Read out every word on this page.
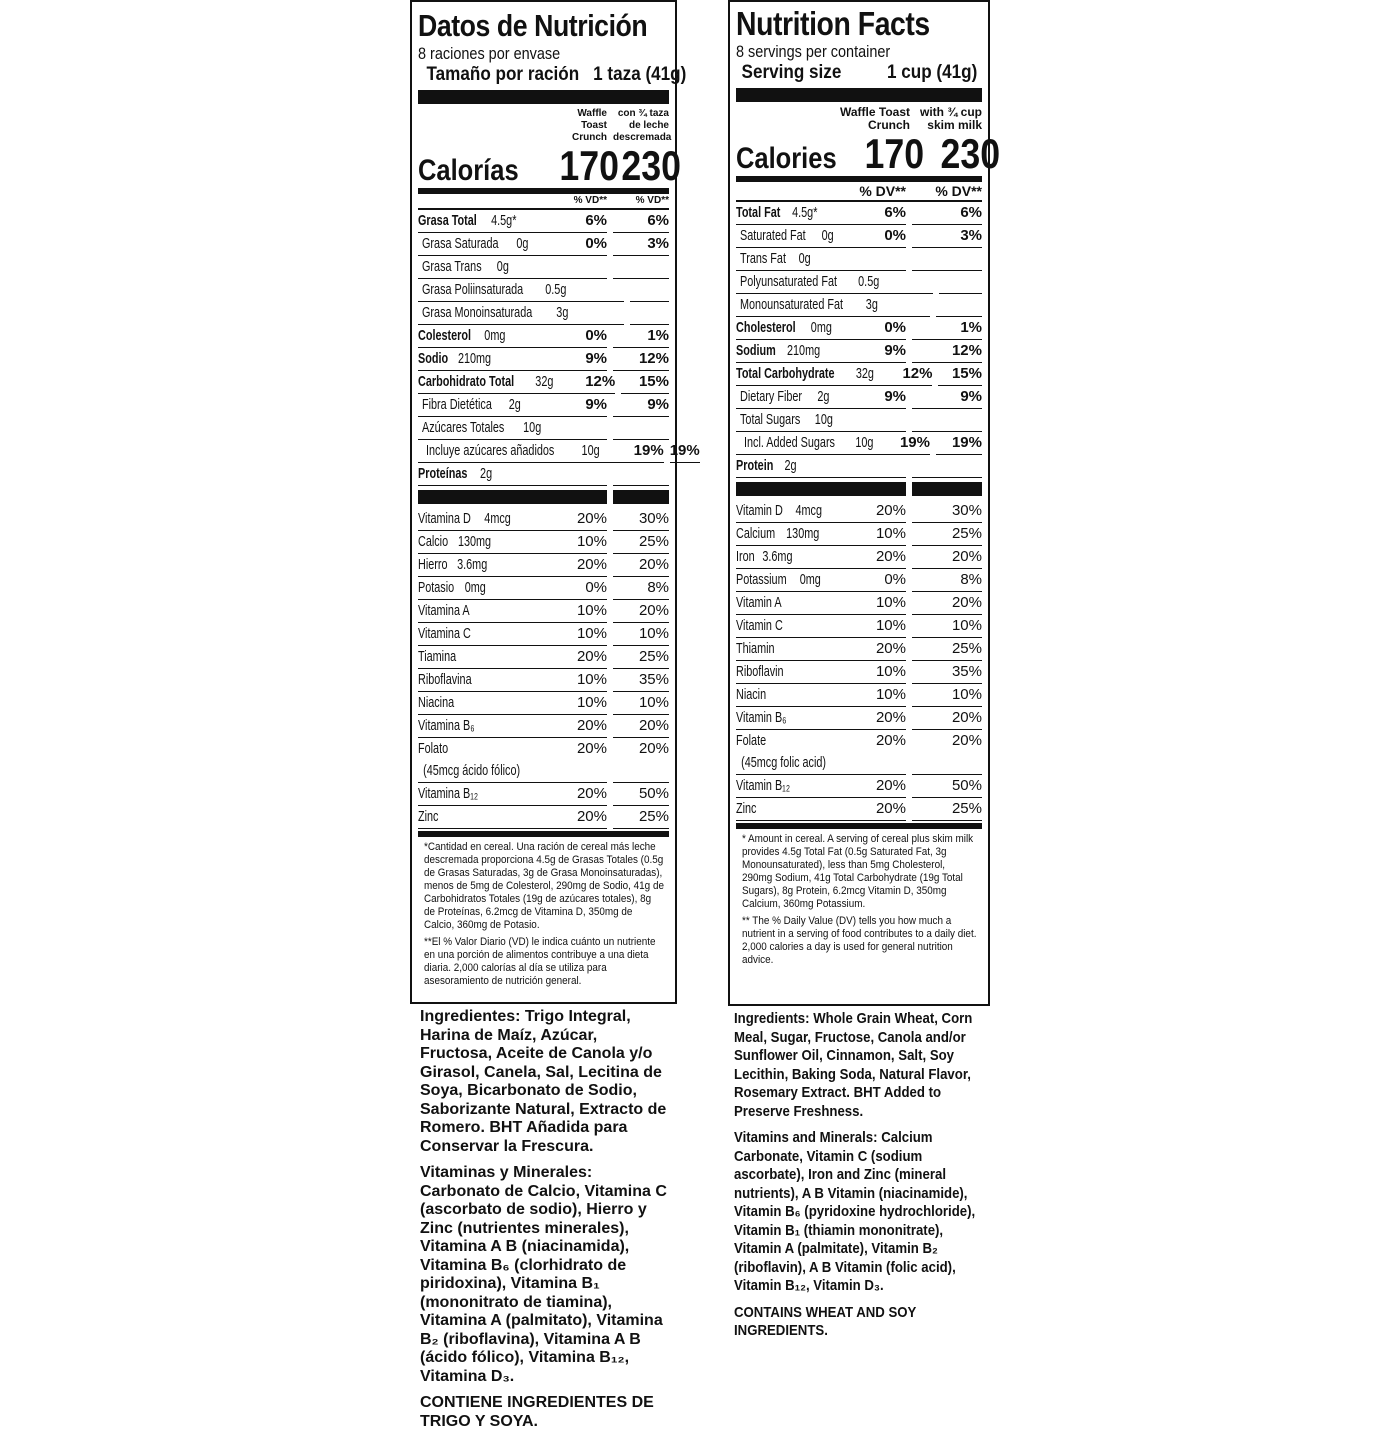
Datos de Nutrición
8 raciones por envase
Tamaño por ración 1 taza (41g)
Waffle Toast Crunch
con ¾ taza de leche descremada
Calorías 170 230
% VD**	% VD**
Grasa Total 4.5g*	6%	6%
Grasa Saturada 0g	0%	3%
Grasa Trans 0g
Grasa Poliinsaturada 0.5g
Grasa Monoinsaturada 3g
Colesterol 0mg	0%	1%
Sodio 210mg	9%	12%
Carbohidrato Total 32g	12%	15%
Fibra Dietética 2g	9%	9%
Azúcares Totales 10g
Incluye azúcares añadidos 10g	19% 19%
Proteínas 2g
Vitamina D 4mcg	20%	30%
Calcio 130mg	10%	25%
Hierro 3.6mg	20%	20%
Potasio 0mg	0%	8%
Vitamina A	10%	20%
Vitamina C	10%	10%
Tiamina	20%	25%
Riboflavina	10%	35%
Niacina	10%	10%
Vitamina B₆	20%	20%
Folato
(45mcg ácido fólico)
20%	20%
Vitamina B₁₂	20%	50%
Zinc	20%	25%

*Cantidad en cereal. Una ración de cereal más leche descremada proporciona 4.5g de Grasas Totales (0.5g de Grasas Saturadas, 3g de Grasa Monoinsaturadas), menos de 5mg de Colesterol, 290mg de Sodio, 41g de Carbohidratos Totales (19g de azúcares totales), 8g de Proteínas, 6.2mcg de Vitamina D, 350mg de Calcio, 360mg de Potasio.

**El % Valor Diario (VD) le indica cuánto un nutriente en una porción de alimentos contribuye a una dieta diaria. 2,000 calorías al día se utiliza para asesoramiento de nutrición general.

Nutrition Facts
8 servings per container
Serving size 1 cup (41g)
Waffle Toast Crunch
with ¾ cup skim milk
Calories 170 230
% DV**	% DV**
Total Fat 4.5g*	6%	6%
Saturated Fat 0g	0%	3%
Trans Fat 0g
Polyunsaturated Fat 0.5g
Monounsaturated Fat 3g
Cholesterol 0mg	0%	1%
Sodium 210mg	9%	12%
Total Carbohydrate 32g	12%	15%
Dietary Fiber 2g	9%	9%
Total Sugars 10g
Incl. Added Sugars 10g	19%	19%
Protein 2g
Vitamin D 4mcg	20%	30%
Calcium 130mg	10%	25%
Iron 3.6mg	20%	20%
Potassium 0mg	0%	8%
Vitamin A	10%	20%
Vitamin C	10%	10%
Thiamin	20%	25%
Riboflavin	10%	35%
Niacin	10%	10%
Vitamin B₆	20%	20%
Folate
(45mcg folic acid)
20%	20%
Vitamin B₁₂	20%	50%
Zinc	20%	25%

* Amount in cereal. A serving of cereal plus skim milk provides 4.5g Total Fat (0.5g Saturated Fat, 3g Monounsaturated), less than 5mg Cholesterol, 290mg Sodium, 41g Total Carbohydrate (19g Total Sugars), 8g Protein, 6.2mcg Vitamin D, 350mg Calcium, 360mg Potassium.

** The % Daily Value (DV) tells you how much a nutrient in a serving of food contributes to a daily diet. 2,000 calories a day is used for general nutrition advice.

Ingredientes: Trigo Integral, Harina de Maíz, Azúcar, Fructosa, Aceite de Canola y/o Girasol, Canela, Sal, Lecitina de Soya, Bicarbonato de Sodio, Saborizante Natural, Extracto de Romero. BHT Añadida para Conservar la Frescura.

Vitaminas y Minerales: Carbonato de Calcio, Vitamina C (ascorbato de sodio), Hierro y Zinc (nutrientes minerales), Vitamina A B (niacinamida), Vitamina B₆ (clorhidrato de piridoxina), Vitamina B₁ (mononitrato de tiamina), Vitamina A (palmitato), Vitamina B₂ (riboflavina), Vitamina A B (ácido fólico), Vitamina B₁₂, Vitamina D₃.

CONTIENE INGREDIENTES DE TRIGO Y SOYA.

Ingredients: Whole Grain Wheat, Corn Meal, Sugar, Fructose, Canola and/or Sunflower Oil, Cinnamon, Salt, Soy Lecithin, Baking Soda, Natural Flavor, Rosemary Extract. BHT Added to Preserve Freshness.

Vitamins and Minerals: Calcium Carbonate, Vitamin C (sodium ascorbate), Iron and Zinc (mineral nutrients), A B Vitamin (niacinamide), Vitamin B₆ (pyridoxine hydrochloride), Vitamin B₁ (thiamin mononitrate), Vitamin A (palmitate), Vitamin B₂ (riboflavin), A B Vitamin (folic acid), Vitamin B₁₂, Vitamin D₃.

CONTAINS WHEAT AND SOY INGREDIENTS.
